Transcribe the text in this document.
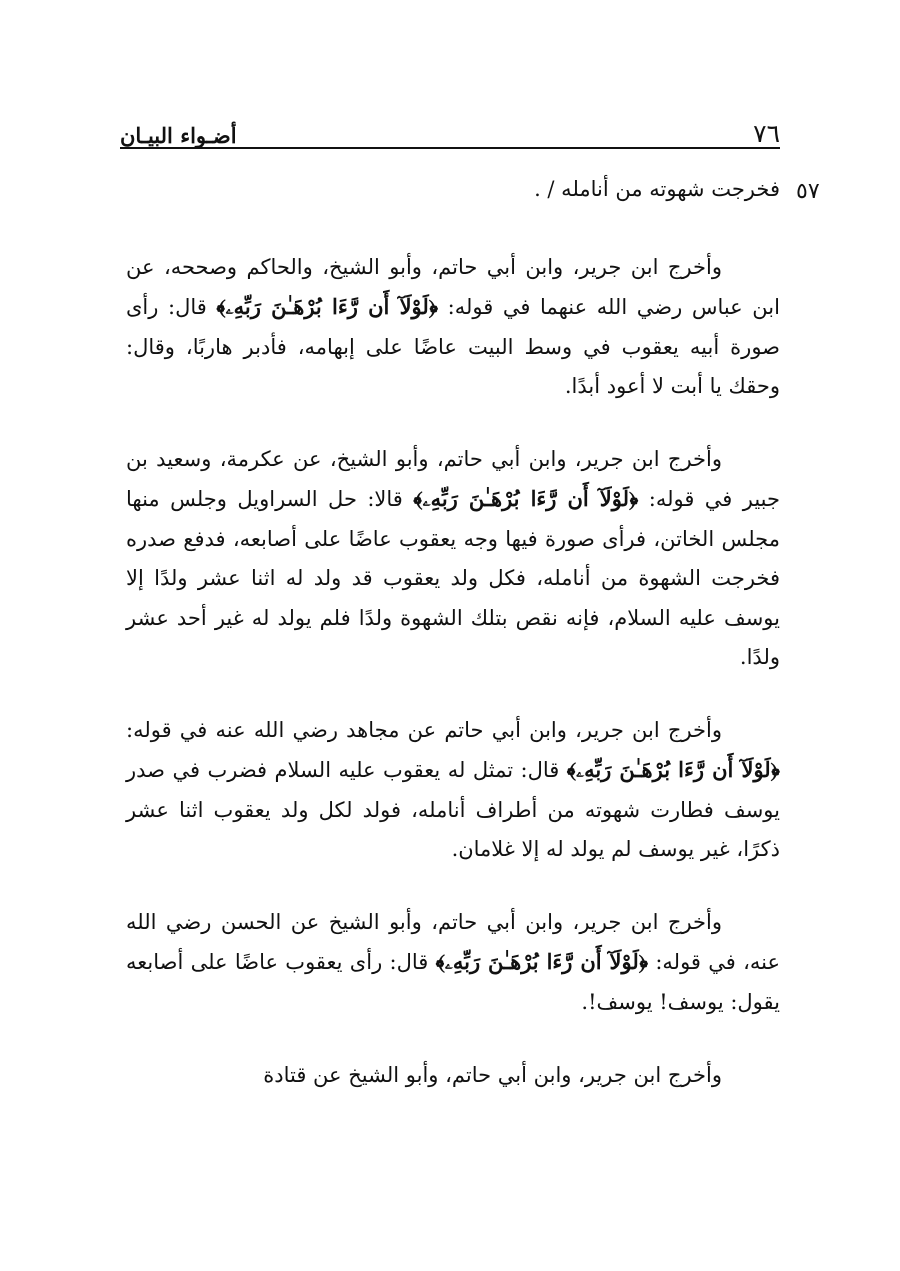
٧٦
أضـواء البيـان
٥٧

فخرجت شهوته من أنامله / .

وأخرج ابن جرير، وابن أبي حاتم، وأبو الشيخ، والحاكم وصححه، عن ابن عباس رضي الله عنهما في قوله: ﴿لَوْلَآ أَن رَّءَا بُرْهَـٰنَ رَبِّهِۦ﴾ قال: رأى صورة أبيه يعقوب في وسط البيت عاضًا على إبهامه، فأدبر هاربًا، وقال: وحقك يا أبت لا أعود أبدًا.

وأخرج ابن جرير، وابن أبي حاتم، وأبو الشيخ، عن عكرمة، وسعيد بن جبير في قوله: ﴿لَوْلَآ أَن رَّءَا بُرْهَـٰنَ رَبِّهِۦ﴾ قالا: حل السراويل وجلس منها مجلس الخاتن، فرأى صورة فيها وجه يعقوب عاضًا على أصابعه، فدفع صدره فخرجت الشهوة من أنامله، فكل ولد يعقوب قد ولد له اثنا عشر ولدًا إلا يوسف عليه السلام، فإنه نقص بتلك الشهوة ولدًا فلم يولد له غير أحد عشر ولدًا.

وأخرج ابن جرير، وابن أبي حاتم عن مجاهد رضي الله عنه في قوله: ﴿لَوْلَآ أَن رَّءَا بُرْهَـٰنَ رَبِّهِۦ﴾ قال: تمثل له يعقوب عليه السلام فضرب في صدر يوسف فطارت شهوته من أطراف أنامله، فولد لكل ولد يعقوب اثنا عشر ذكرًا، غير يوسف لم يولد له إلا غلامان.

وأخرج ابن جرير، وابن أبي حاتم، وأبو الشيخ عن الحسن رضي الله عنه، في قوله: ﴿لَوْلَآ أَن رَّءَا بُرْهَـٰنَ رَبِّهِۦ﴾ قال: رأى يعقوب عاضًا على أصابعه يقول: يوسف! يوسف!.

وأخرج ابن جرير، وابن أبي حاتم، وأبو الشيخ عن قتادة
